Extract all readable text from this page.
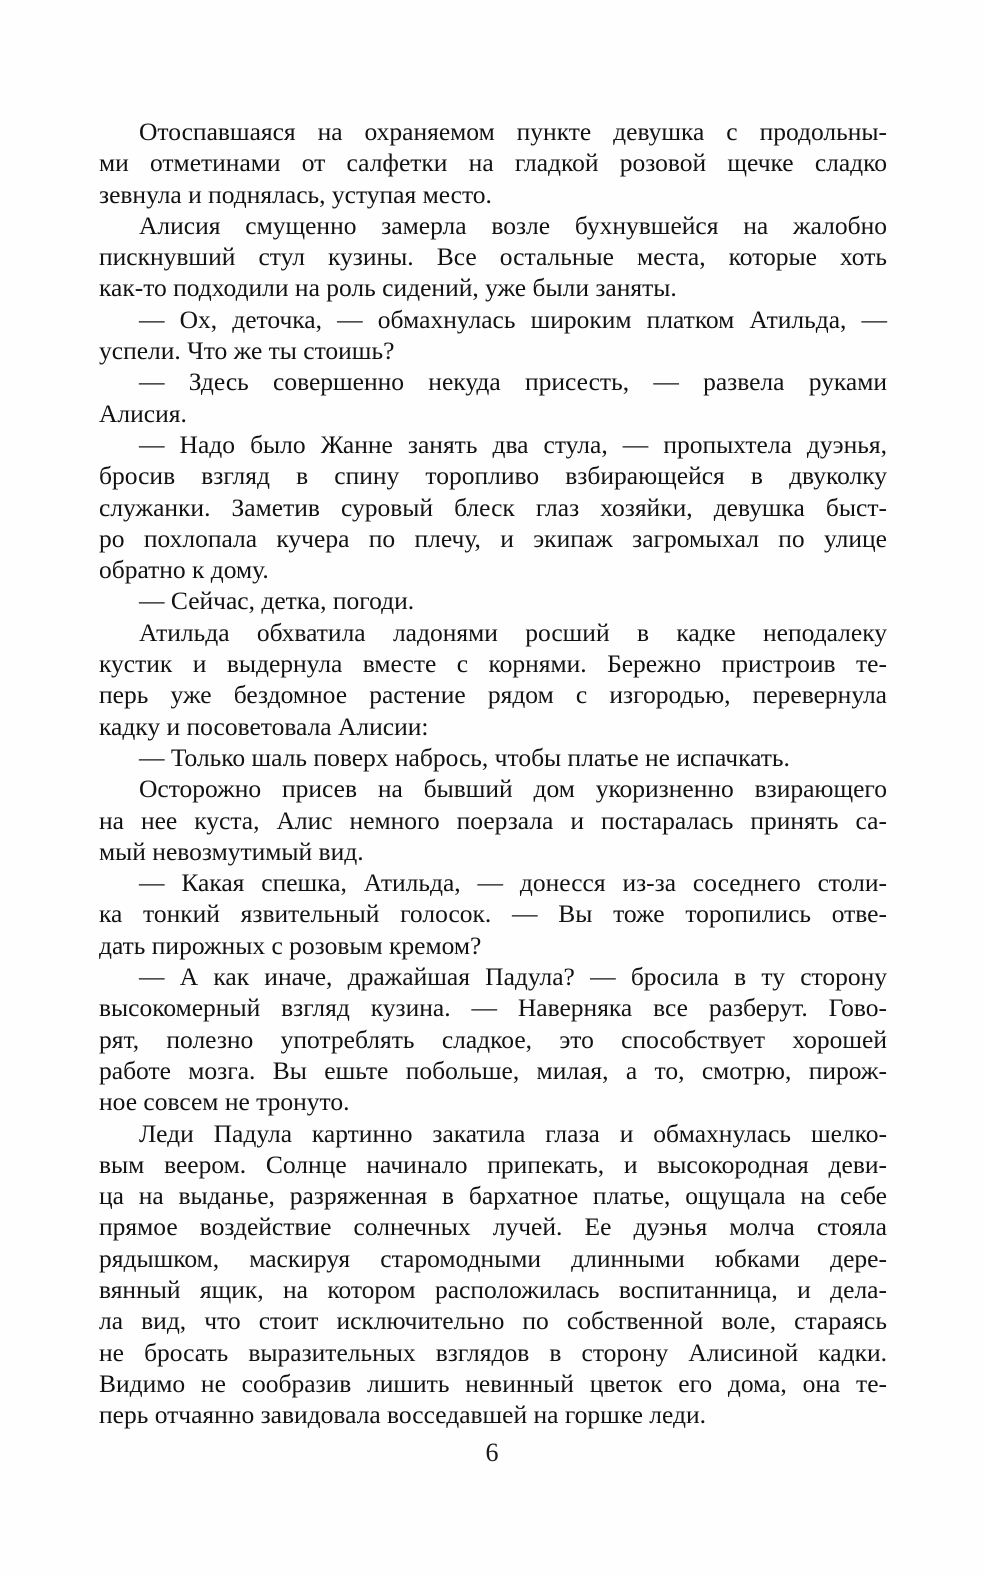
Отоспавшаяся на охраняемом пункте девушка с продольны-
ми отметинами от салфетки на гладкой розовой щечке сладко
зевнула и поднялась, уступая место.
Алисия смущенно замерла возле бухнувшейся на жалобно
пискнувший стул кузины. Все остальные места, которые хоть
как-то подходили на роль сидений, уже были заняты.
— Ох, деточка, — обмахнулась широким платком Атильда, —
успели. Что же ты стоишь?
— Здесь совершенно некуда присесть, — развела руками
Алисия.
— Надо было Жанне занять два стула, — пропыхтела дуэнья,
бросив взгляд в спину торопливо взбирающейся в двуколку
служанки. Заметив суровый блеск глаз хозяйки, девушка быст-
ро похлопала кучера по плечу, и экипаж загромыхал по улице
обратно к дому.
— Сейчас, детка, погоди.
Атильда обхватила ладонями росший в кадке неподалеку
кустик и выдернула вместе с корнями. Бережно пристроив те-
перь уже бездомное растение рядом с изгородью, перевернула
кадку и посоветовала Алисии:
— Только шаль поверх набрось, чтобы платье не испачкать.
Осторожно присев на бывший дом укоризненно взирающего
на нее куста, Алис немного поерзала и постаралась принять са-
мый невозмутимый вид.
— Какая спешка, Атильда, — донесся из-за соседнего столи-
ка тонкий язвительный голосок. — Вы тоже торопились отве-
дать пирожных с розовым кремом?
— А как иначе, дражайшая Падула? — бросила в ту сторону
высокомерный взгляд кузина. — Наверняка все разберут. Гово-
рят, полезно употреблять сладкое, это способствует хорошей
работе мозга. Вы ешьте побольше, милая, а то, смотрю, пирож-
ное совсем не тронуто.
Леди Падула картинно закатила глаза и обмахнулась шелко-
вым веером. Солнце начинало припекать, и высокородная деви-
ца на выданье, разряженная в бархатное платье, ощущала на себе
прямое воздействие солнечных лучей. Ее дуэнья молча стояла
рядышком, маскируя старомодными длинными юбками дере-
вянный ящик, на котором расположилась воспитанница, и дела-
ла вид, что стоит исключительно по собственной воле, стараясь
не бросать выразительных взглядов в сторону Алисиной кадки.
Видимо не сообразив лишить невинный цветок его дома, она те-
перь отчаянно завидовала восседавшей на горшке леди.
6
